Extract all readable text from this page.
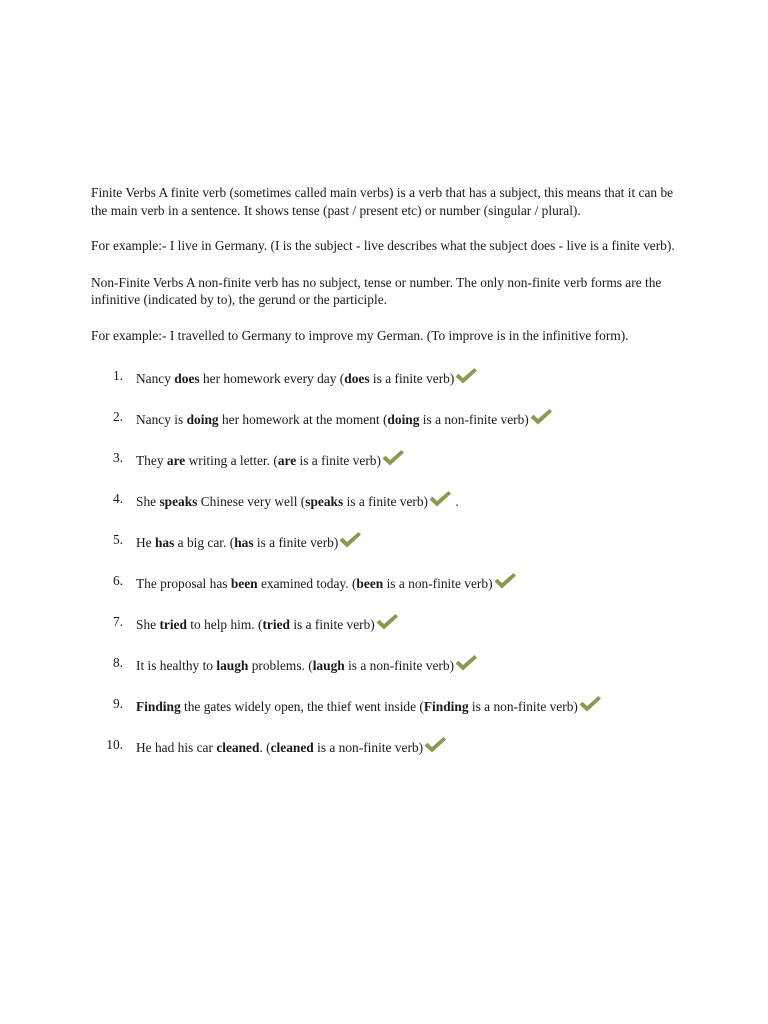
Finite Verbs A finite verb (sometimes called main verbs) is a verb that has a subject, this means that it can be the main verb in a sentence. It shows tense (past / present etc) or number (singular / plural).

For example:- I live in Germany. (I is the subject - live describes what the subject does - live is a finite verb).

Non-Finite Verbs A non-finite verb has no subject, tense or number. The only non-finite verb forms are the infinitive (indicated by to), the gerund or the participle.

For example:- I travelled to Germany to improve my German. (To improve is in the infinitive form).

1. Nancy does her homework every day (does is a finite verb)
2. Nancy is doing her homework at the moment (doing is a non-finite verb)
3. They are writing a letter. (are is a finite verb)
4. She speaks Chinese very well (speaks is a finite verb)
.
5. He has a big car. (has is a finite verb)
6. The proposal has been examined today. (been is a non-finite verb)
7. She tried to help him. (tried is a finite verb)
8. It is healthy to laugh problems. (laugh is a non-finite verb)
9. Finding the gates widely open, the thief went inside (Finding is a non-finite verb)
10. He had his car cleaned. (cleaned is a non-finite verb)
